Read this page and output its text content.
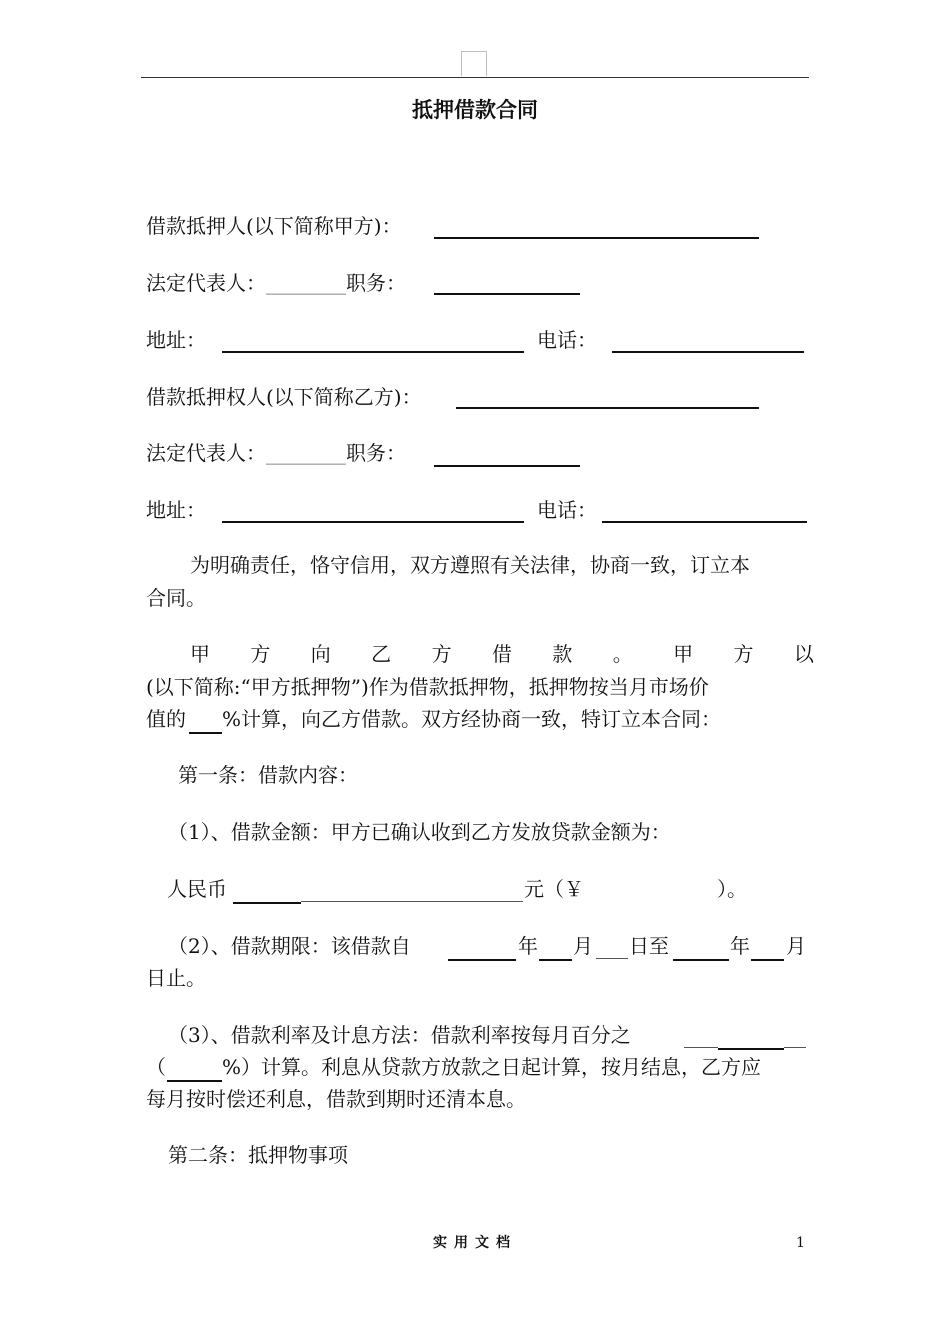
抵押借款合同
借款抵押人(以下简称甲方)：
法定代表人：________职务：
地址：	电话：
借款抵押权人(以下简称乙方)：
法定代表人：________职务：
地址：	电话：
为明确责任，恪守信用，双方遵照有关法律，协商一致，订立本
合同。
甲 方 向 乙 方 借 款 。 甲 方 以
(以下简称:“甲方抵押物”)作为借款抵押物，抵押物按当月市场价
值的 %计算，向乙方借款。双方经协商一致，特订立本合同：
第一条：借款内容：
（1）、借款金额：甲方已确认收到乙方发放贷款金额为：
人民币	元（￥	）。
（2）、借款期限：该借款自	年 月 日至	年 月
日止。
（3）、借款利率及计息方法：借款利率按每月百分之
（	%）计算。利息从贷款方放款之日起计算，按月结息，乙方应
每月按时偿还利息，借款到期时还清本息。
第二条：抵押物事项
实用文档	1
